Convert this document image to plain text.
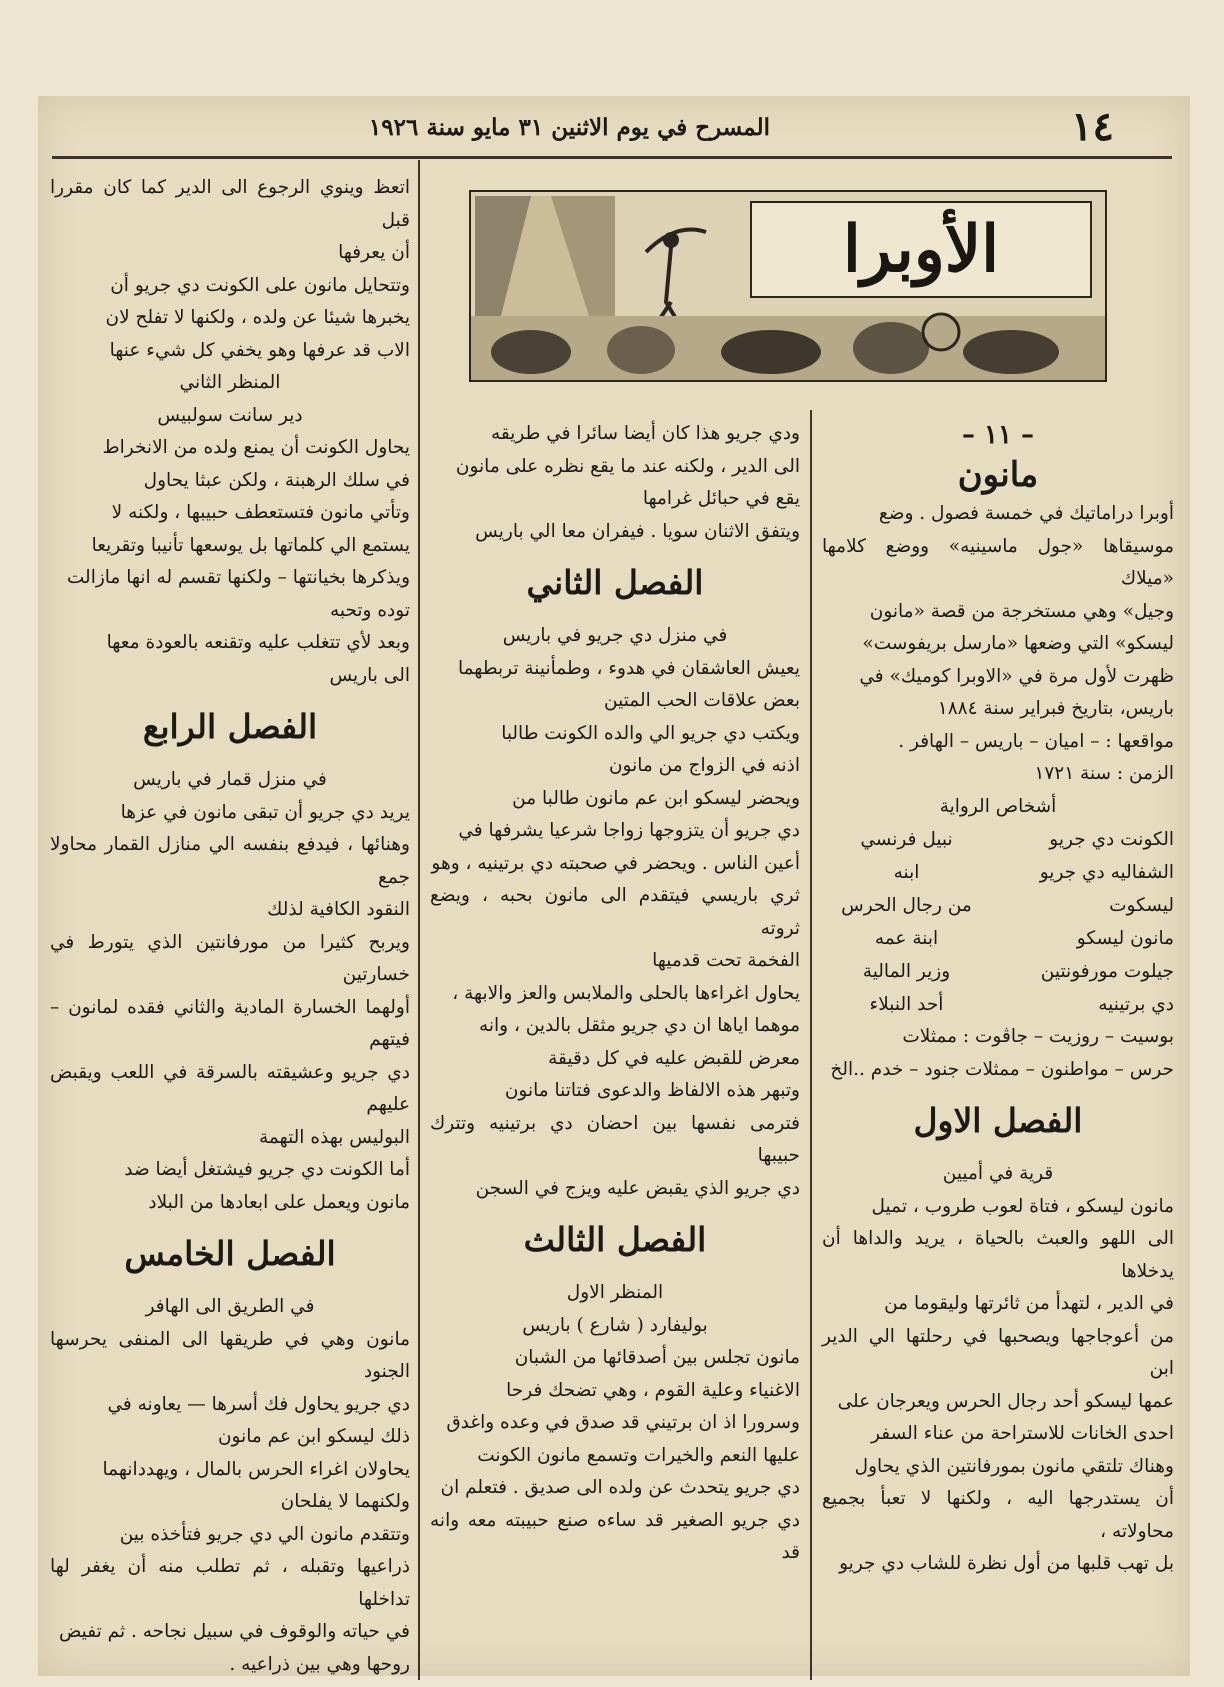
١٤
المسرح في يوم الاثنين ٣١ مايو سنة ١٩٢٦
الأوبرا

– ١١ –

مانون

أوبرا دراماتيك في خمسة فصول . وضع

موسيقاها «جول ماسينيه» ووضع كلامها «ميلاك

وجيل» وهي مستخرجة من قصة «مانون

ليسكو» التي وضعها «مارسل بريفوست»

ظهرت لأول مرة في «الاوبرا كوميك» في

باريس، بتاريخ فبراير سنة ١٨٨٤

مواقعها : – اميان – باريس – الهافر .

الزمن : سنة ١٧٢١

أشخاص الرواية

الكونت دي جريو	نبيل فرنسي
الشفاليه دي جريو	ابنه
ليسكوت	من رجال الحرس
مانون ليسكو	ابنة عمه
جيلوت مورفونتين	وزير المالية
دي برتينيه	أحد النبلاء

بوسيت – روزيت – جاڤوت : ممثلات

حرس – مواطنون – ممثلات جنود – خدم ..الخ

الفصل الاول

قرية في أميين

مانون ليسكو ، فتاة لعوب طروب ، تميل

الى اللهو والعبث بالحياة ، يريد والداها أن يدخلاها

في الدير ، لتهدأ من ثائرتها وليقوما من

من أعوجاجها ويصحبها في رحلتها الي الدير ابن

عمها ليسكو أحد رجال الحرس ويعرجان على

احدى الخانات للاستراحة من عناء السفر

وهناك تلتقي مانون بمورفانتين الذي يحاول

أن يستدرجها اليه ، ولكنها لا تعبأ بجميع محاولاته ،

بل تهب قلبها من أول نظرة للشاب دي جريو

ودي جريو هذا كان أيضا سائرا في طريقه

الى الدير ، ولكنه عند ما يقع نظره على مانون

يقع في حبائل غرامها

ويتفق الاثنان سويا . فيفران معا الي باريس

الفصل الثاني

في منزل دي جريو في باريس

يعيش العاشقان في هدوء ، وطمأنينة تربطهما

بعض علاقات الحب المتين

ويكتب دي جريو الي والده الكونت طالبا

اذنه في الزواج من مانون

ويحضر ليسكو ابن عم مانون طالبا من

دي جريو أن يتزوجها زواجا شرعيا يشرفها في

أعين الناس . ويحضر في صحبته دي برتينيه ، وهو

ثري باريسي فيتقدم الى مانون بحبه ، ويضع ثروته

الفخمة تحت قدميها

يحاول اغراءها بالحلى والملابس والعز والابهة ،

موهما اياها ان دي جريو مثقل بالدين ، وانه

معرض للقبض عليه في كل دقيقة

وتبهر هذه الالفاظ والدعوى فتاتنا مانون

فترمى نفسها بين احضان دي برتينيه وتترك حبيبها

دي جريو الذي يقبض عليه ويزج في السجن

الفصل الثالث

المنظر الاول

بوليفارد ( شارع ) باريس

مانون تجلس بين أصدقائها من الشبان

الاغنياء وعلية القوم ، وهي تضحك فرحا

وسرورا اذ ان برتيني قد صدق في وعده واغدق

عليها النعم والخيرات وتسمع مانون الكونت

دي جريو يتحدث عن ولده الى صديق . فتعلم ان

دي جريو الصغير قد ساءه صنع حبيبته معه وانه قد

اتعظ وينوي الرجوع الى الدير كما كان مقررا قبل

أن يعرفها

وتتحايل مانون على الكونت دي جريو أن

يخبرها شيئا عن ولده ، ولكنها لا تفلح لان

الاب قد عرفها وهو يخفي كل شيء عنها

المنظر الثاني

دير سانت سولبيس

يحاول الكونت أن يمنع ولده من الانخراط

في سلك الرهبنة ، ولكن عبثا يحاول

وتأتي مانون فتستعطف حبيبها ، ولكنه لا

يستمع الي كلماتها بل يوسعها تأنيبا وتقريعا

ويذكرها بخيانتها – ولكنها تقسم له انها مازالت

توده وتحبه

وبعد لأي تتغلب عليه وتقنعه بالعودة معها

الى باريس

الفصل الرابع

في منزل قمار في باريس

يريد دي جريو أن تبقى مانون في عزها

وهنائها ، فيدفع بنفسه الي منازل القمار محاولا جمع

النقود الكافية لذلك

ويربح كثيرا من مورفانتين الذي يتورط في خسارتين

أولهما الخسارة المادية والثاني فقده لمانون – فيتهم

دي جريو وعشيقته بالسرقة في اللعب ويقبض عليهم

البوليس بهذه التهمة

أما الكونت دي جريو فيشتغل أيضا ضد

مانون ويعمل على ابعادها من البلاد

الفصل الخامس

في الطريق الى الهافر

مانون وهي في طريقها الى المنفى يحرسها الجنود

دي جريو يحاول فك أسرها — يعاونه في

ذلك ليسكو ابن عم مانون

يحاولان اغراء الحرس بالمال ، ويهددانهما

ولكنهما لا يفلحان

وتتقدم مانون الي دي جريو فتأخذه بين

ذراعيها وتقبله ، ثم تطلب منه أن يغفر لها تداخلها

في حياته والوقوف في سبيل نجاحه . ثم تفيض

روحها وهي بين ذراعيه .
